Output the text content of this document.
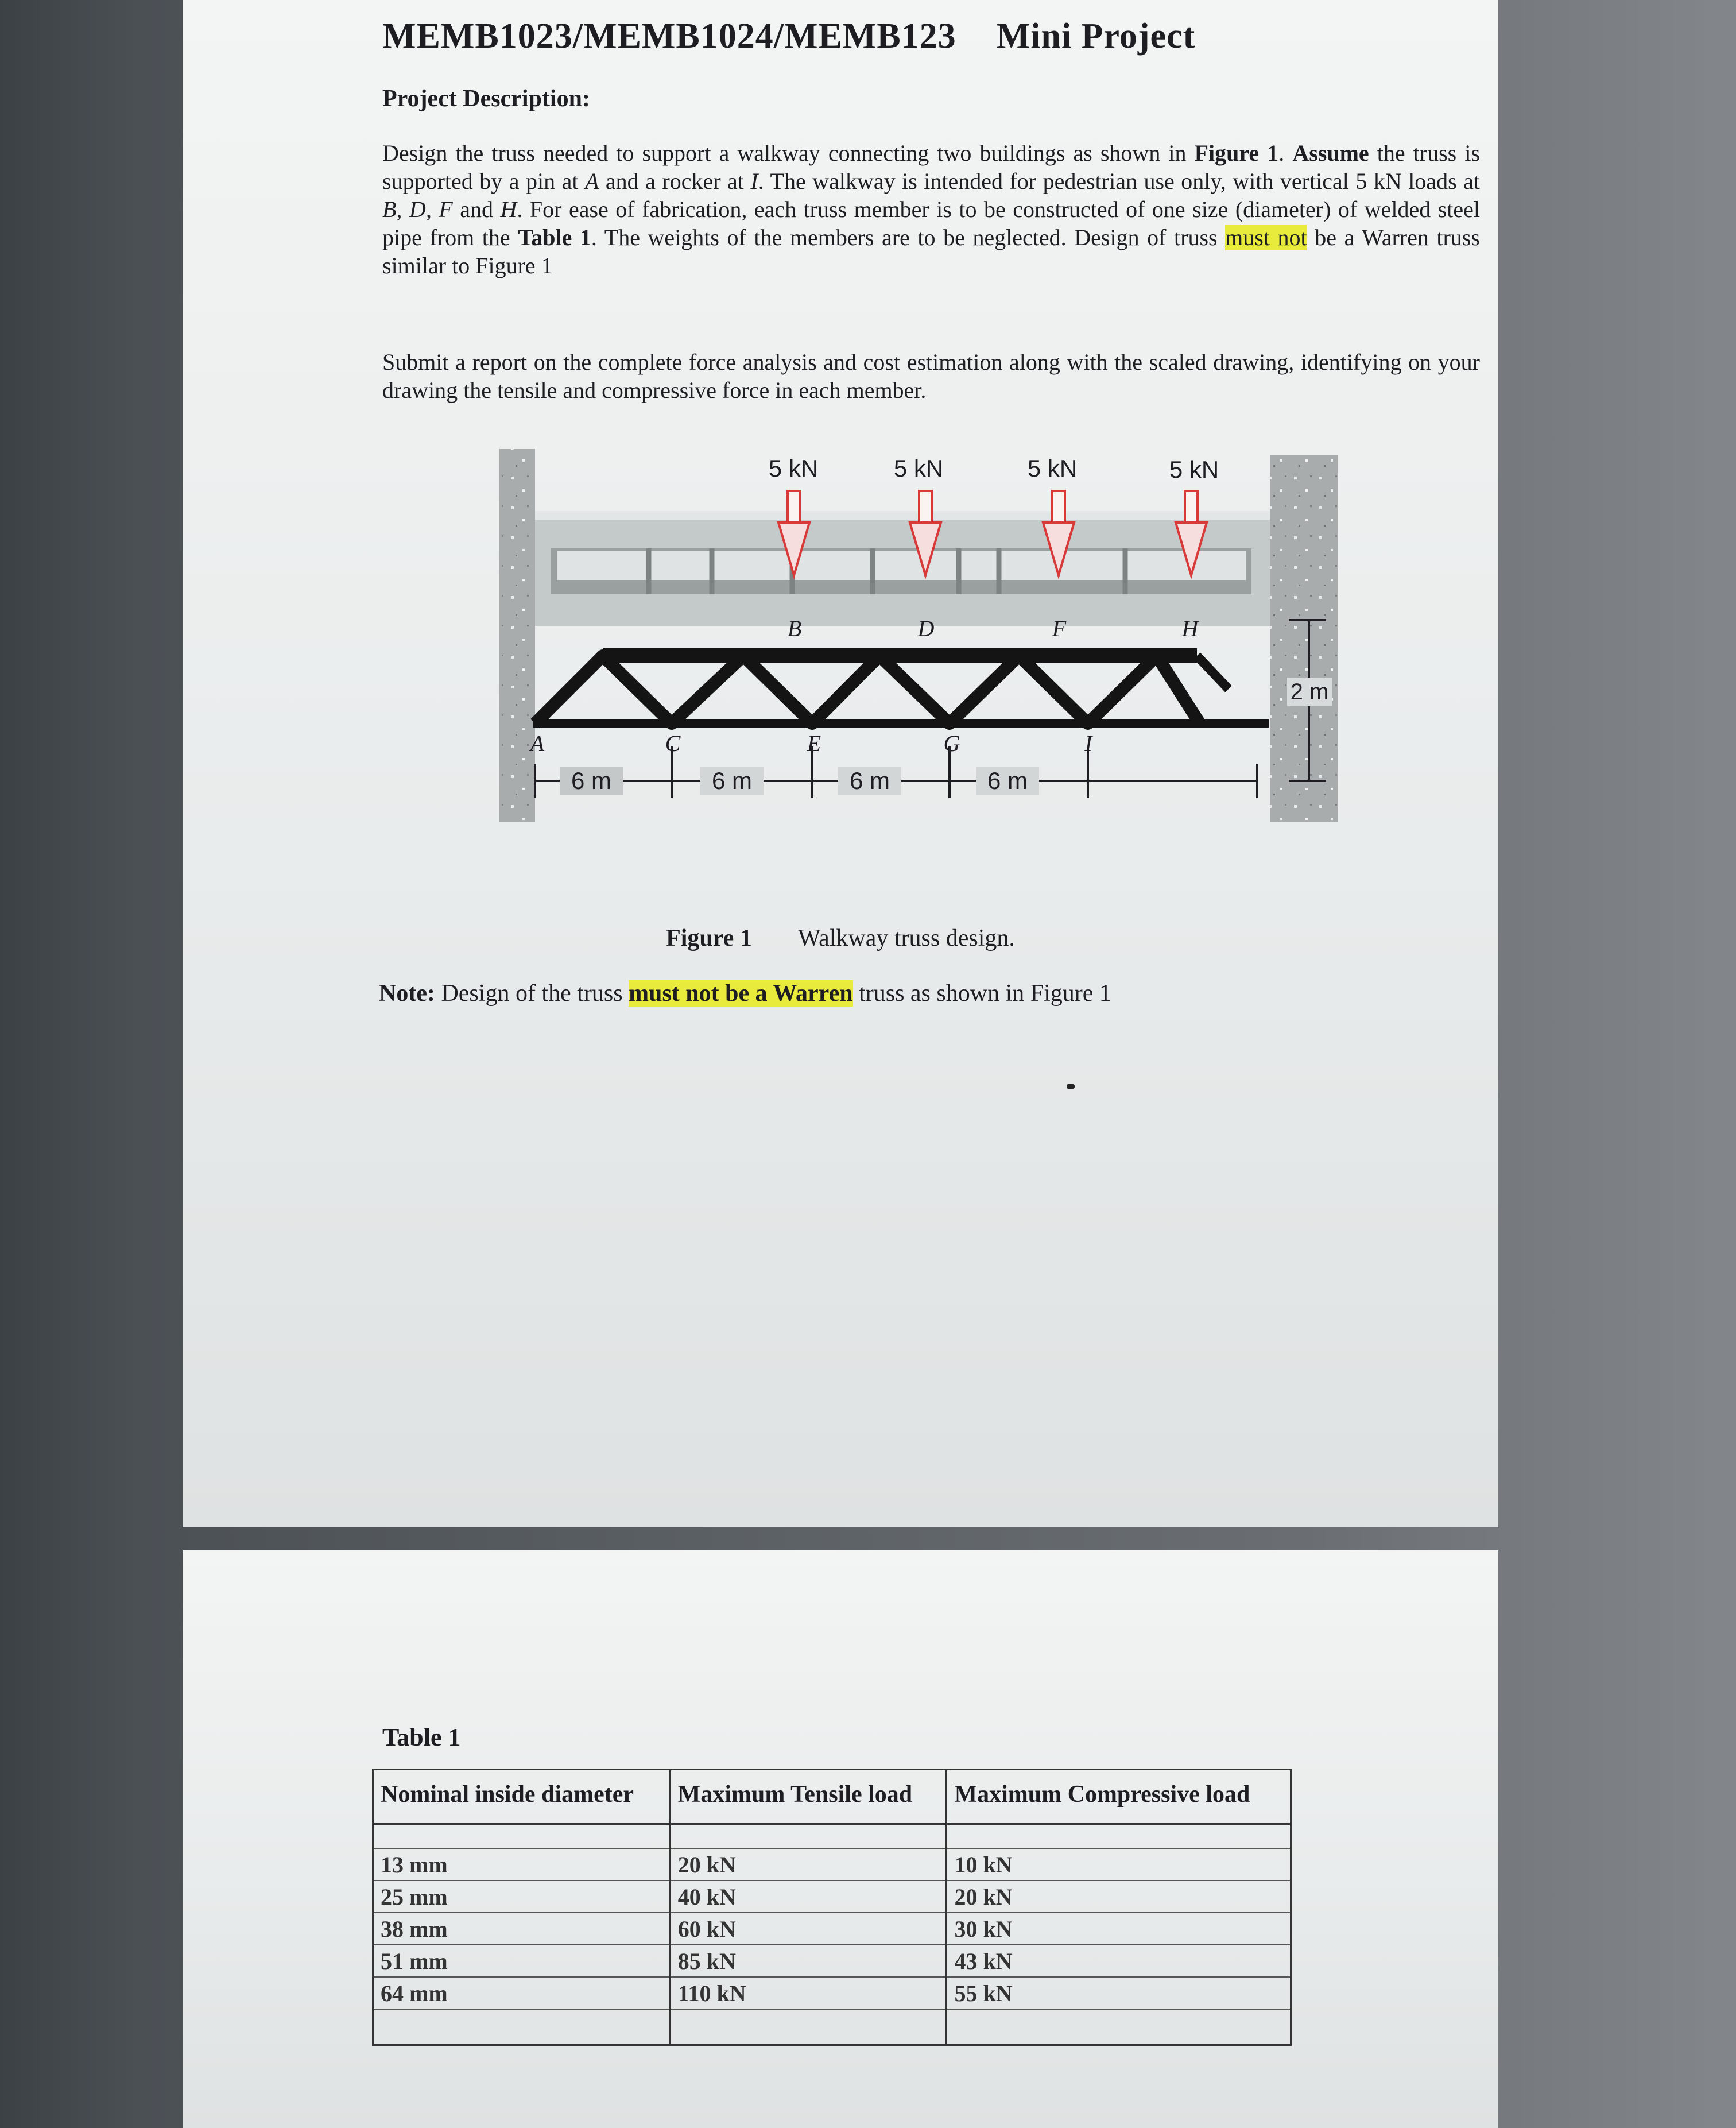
MEMB1023/MEMB1024/MEMB123 Mini Project
Project Description:
Design the truss needed to support a walkway connecting two buildings as shown in Figure 1. Assume the truss is supported by a pin at A and a rocker at I. The walkway is intended for pedestrian use only, with vertical 5 kN loads at B, D, F and H. For ease of fabrication, each truss member is to be constructed of one size (diameter) of welded steel pipe from the Table 1. The weights of the members are to be neglected. Design of truss must not be a Warren truss similar to Figure 1
Submit a report on the complete force analysis and cost estimation along with the scaled drawing, identifying on your drawing the tensile and compressive force in each member.
5 kN	5 kN	5 kN	5 kN
B	D	F	H
A	C	E	G	I
6 m	6 m	6 m	6 m
2 m
Figure 1 Walkway truss design.
Note: Design of the truss must not be a Warren truss as shown in Figure 1
Table 1
Nominal inside diameter	Maximum Tensile load	Maximum Compressive load

13 mm	20 kN	10 kN
25 mm	40 kN	20 kN
38 mm	60 kN	30 kN
51 mm	85 kN	43 kN
64 mm	110 kN	55 kN
